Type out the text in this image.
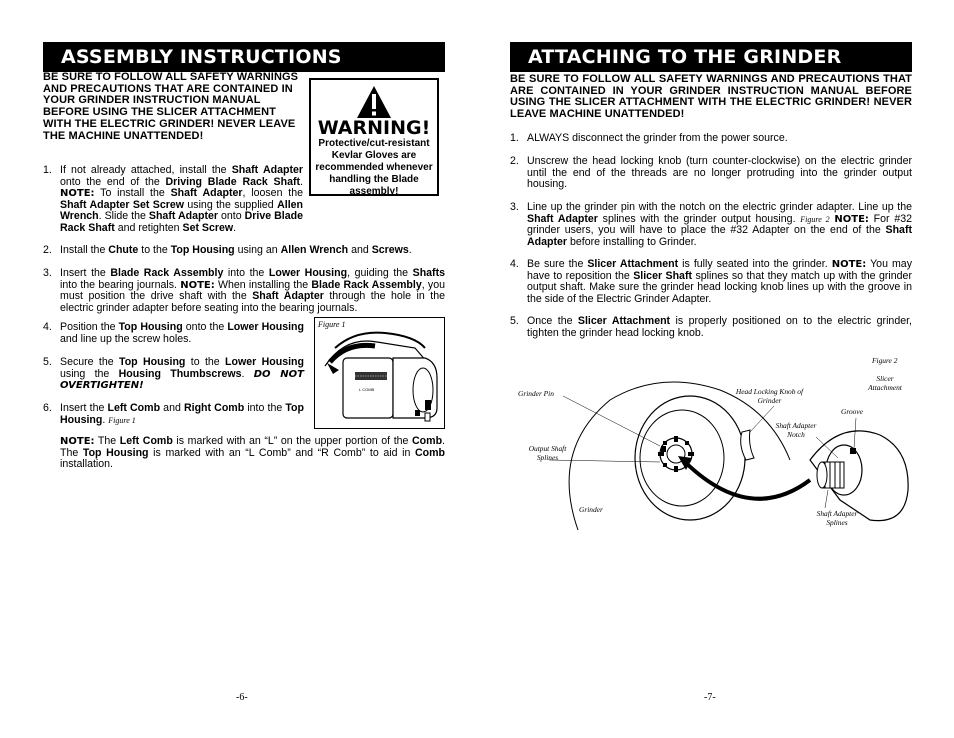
ASSEMBLY INSTRUCTIONS
BE SURE TO FOLLOW ALL SAFETY WARNINGS AND PRECAUTIONS THAT ARE CONTAINED IN YOUR GRINDER INSTRUCTION MANUAL BEFORE USING THE SLICER ATTACHMENT WITH THE ELECTRIC GRINDER! NEVER LEAVE THE MACHINE UNATTENDED!	WARNING!
Protective/cut-resistant Kevlar Gloves are recommended whenever handling the Blade assembly!
1. If not already attached, install the Shaft Adapter onto the end of the Driving Blade Rack Shaft. NOTE: To install the Shaft Adapter, loosen the Shaft Adapter Set Screw using the supplied Allen Wrench. Slide the Shaft Adapter onto Drive Blade Rack Shaft and retighten Set Screw.
2. Install the Chute to the Top Housing using an Allen Wrench and Screws.
3. Insert the Blade Rack Assembly into the Lower Housing, guiding the Shafts into the bearing journals. NOTE: When installing the Blade Rack Assembly, you must position the drive shaft with the Shaft Adapter through the hole in the electric grinder adapter before seating into the bearing journals.
4. Position the Top Housing onto the Lower Housing and line up the screw holes.
5. Secure the Top Housing to the Lower Housing using the Housing Thumbscrews. DO NOT OVERTIGHTEN!
6. Insert the Left Comb and Right Comb into the Top Housing. Figure 1
NOTE: The Left Comb is marked with an “L” on the upper portion of the Comb. The Top Housing is marked with an “L Comb” and “R Comb” to aid in Comb installation.
Figure 1
L COMB
-6-
ATTACHING TO THE GRINDER
BE SURE TO FOLLOW ALL SAFETY WARNINGS AND PRECAUTIONS THAT ARE CONTAINED IN YOUR GRINDER INSTRUCTION MANUAL BEFORE USING THE SLICER ATTACHMENT WITH THE ELECTRIC GRINDER! NEVER LEAVE MACHINE UNATTENDED!
1. ALWAYS disconnect the grinder from the power source.
2. Unscrew the head locking knob (turn counter-clockwise) on the electric grinder until the end of the threads are no longer protruding into the grinder output housing.
3. Line up the grinder pin with the notch on the electric grinder adapter. Line up the Shaft Adapter splines with the grinder output housing. Figure 2 NOTE: For #32 grinder users, you will have to place the #32 Adapter on the end of the Shaft Adapter before installing to Grinder.
4. Be sure the Slicer Attachment is fully seated into the grinder. NOTE: You may have to reposition the Slicer Shaft splines so that they match up with the grinder output shaft. Make sure the grinder head locking knob lines up with the groove in the side of the Electric Grinder Adapter.
5. Once the Slicer Attachment is properly positioned on to the electric grinder, tighten the grinder head locking knob.
Figure 2
Slicer Attachment
Grinder Pin	Head Locking Knob of Grinder
Groove
Shaft Adapter Notch
Output Shaft Splines
Grinder	Shaft Adapter Splines
-7-
